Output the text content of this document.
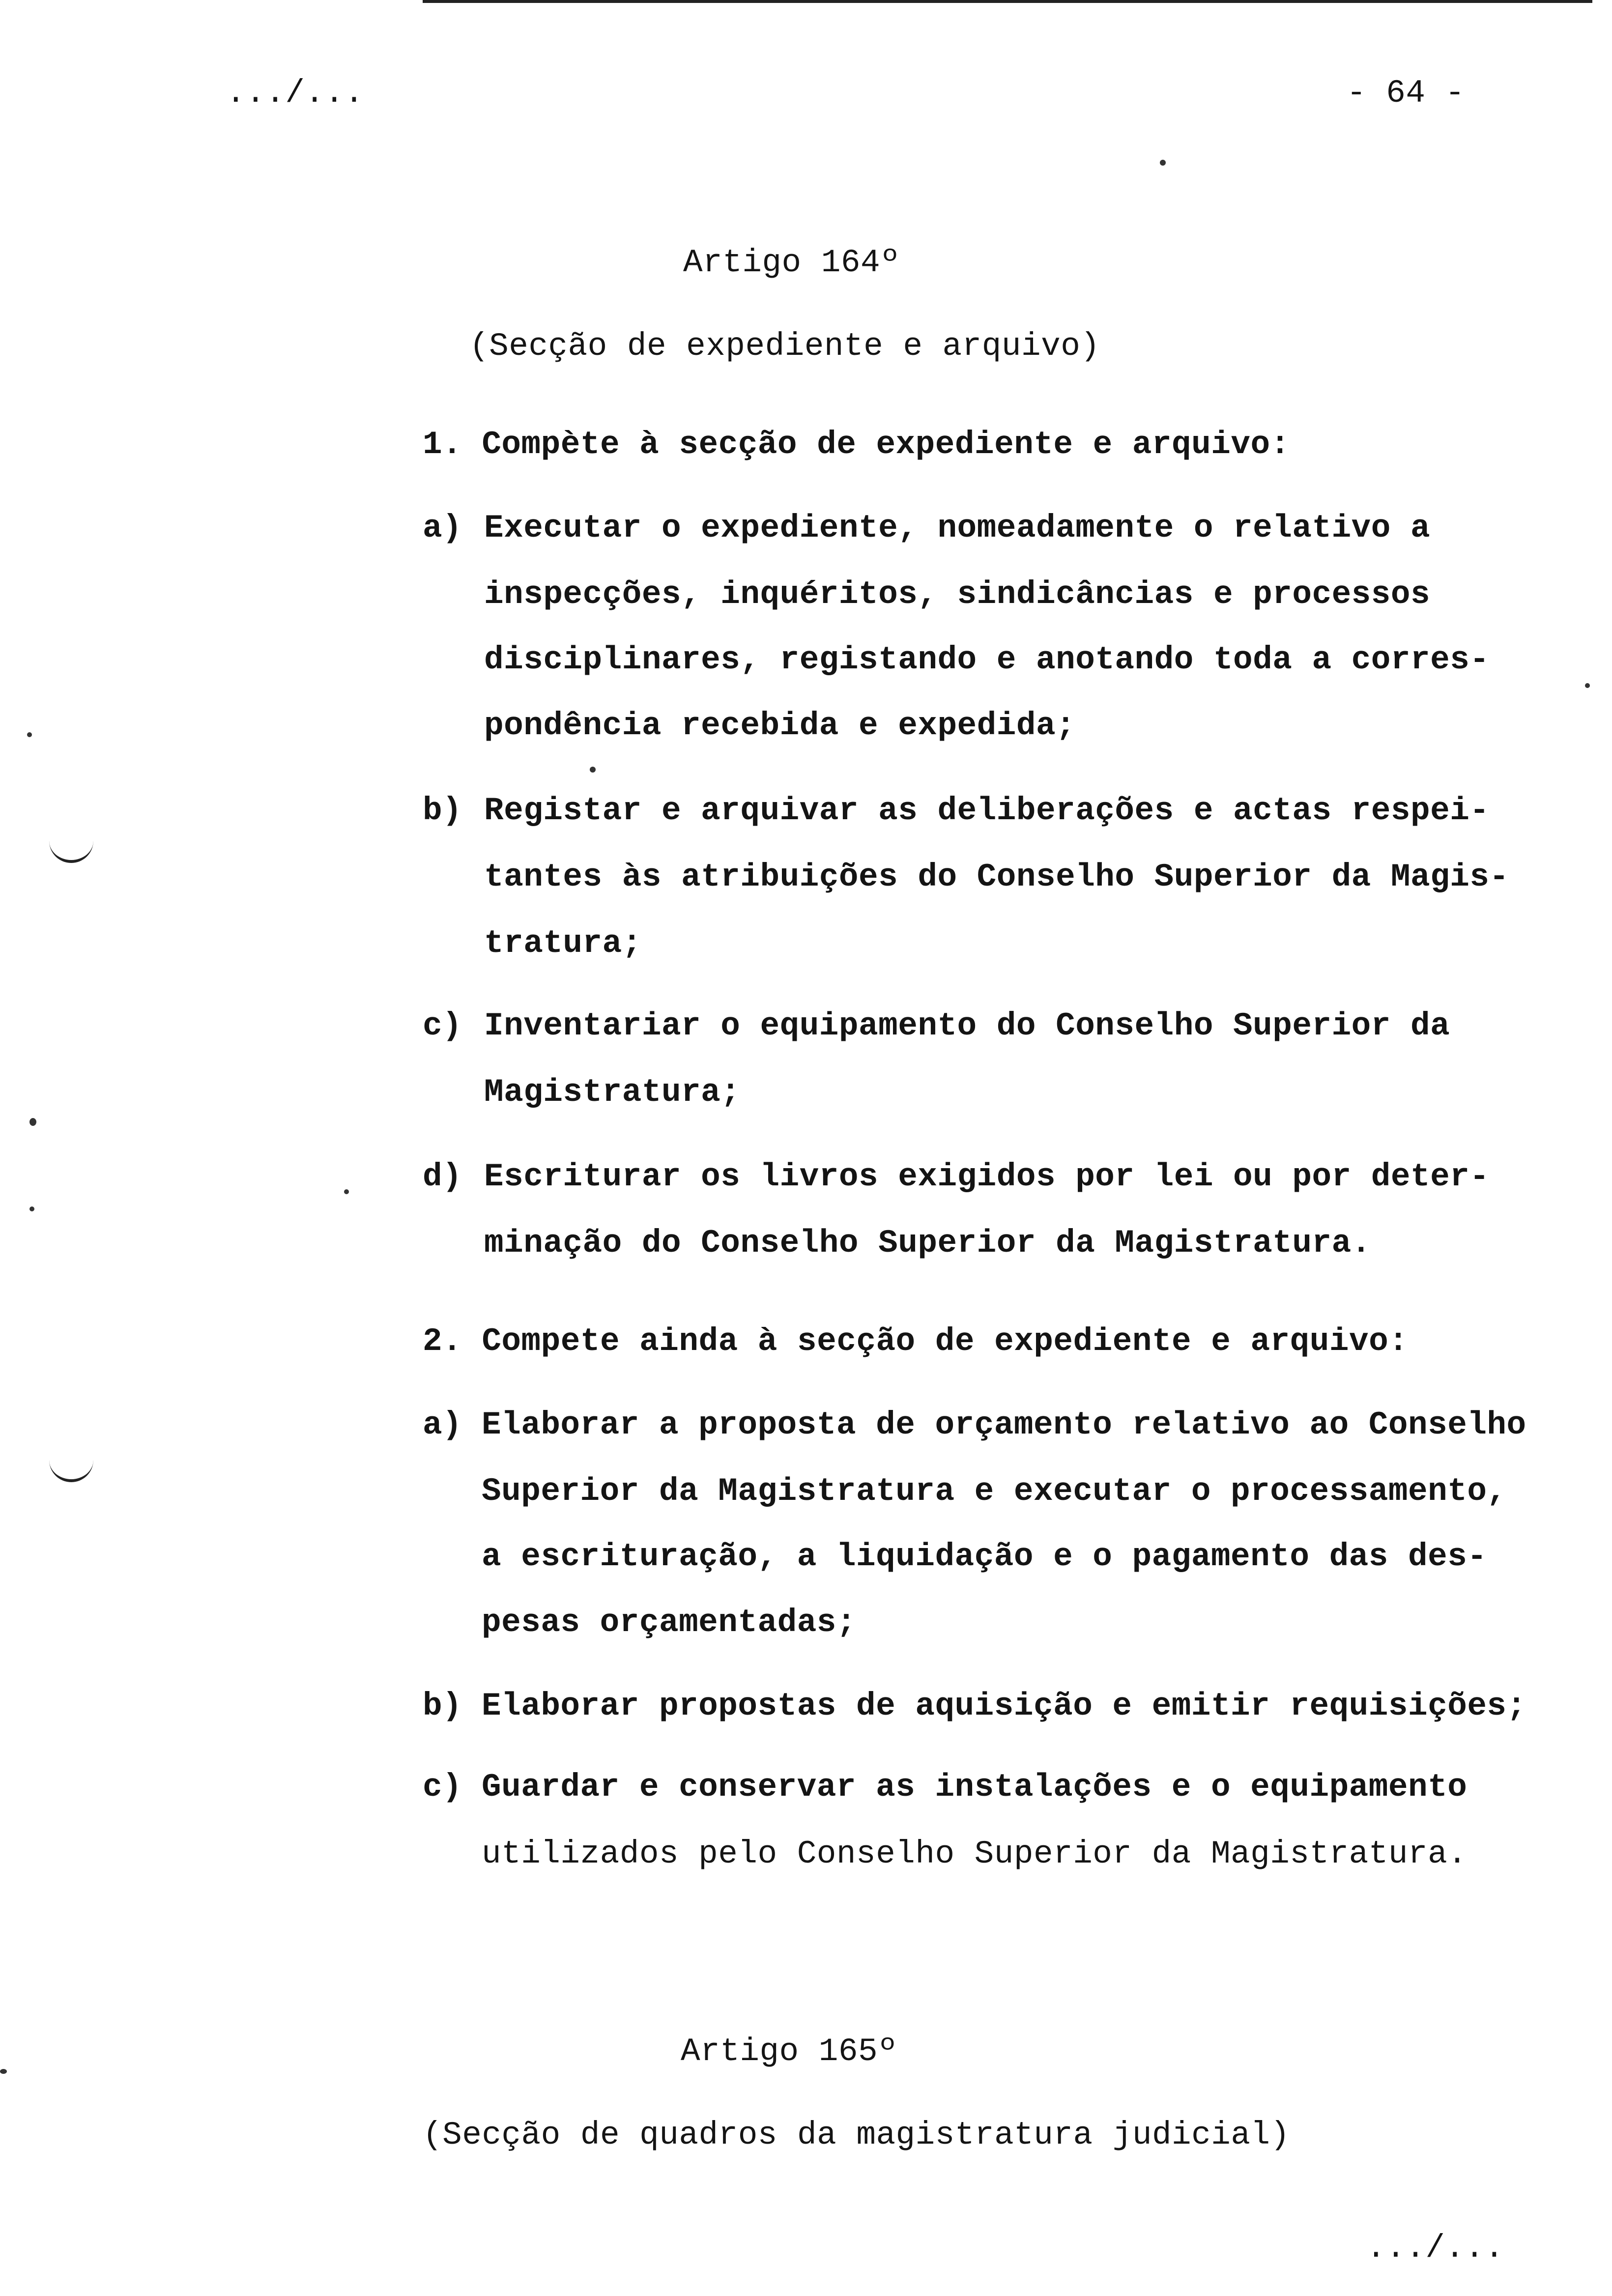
.../...	- 64 -
Artigo 164º
(Secção de expediente e arquivo)
1. Compète à secção de expediente e arquivo:
a) Executar o expediente, nomeadamente o relativo a
inspecções, inquéritos, sindicâncias e processos
disciplinares, registando e anotando toda a corres-
pondência recebida e expedida;
b) Registar e arquivar as deliberações e actas respei-
tantes às atribuições do Conselho Superior da Magis-
tratura;
c) Inventariar o equipamento do Conselho Superior da
Magistratura;
d) Escriturar os livros exigidos por lei ou por deter-
minação do Conselho Superior da Magistratura.
2. Compete ainda à secção de expediente e arquivo:
a) Elaborar a proposta de orçamento relativo ao Conselho
Superior da Magistratura e executar o processamento,
a escrituração, a liquidação e o pagamento das des-
pesas orçamentadas;
b) Elaborar propostas de aquisição e emitir requisições;
c) Guardar e conservar as instalações e o equipamento
utilizados pelo Conselho Superior da Magistratura.
Artigo 165º
(Secção de quadros da magistratura judicial)
.../...
